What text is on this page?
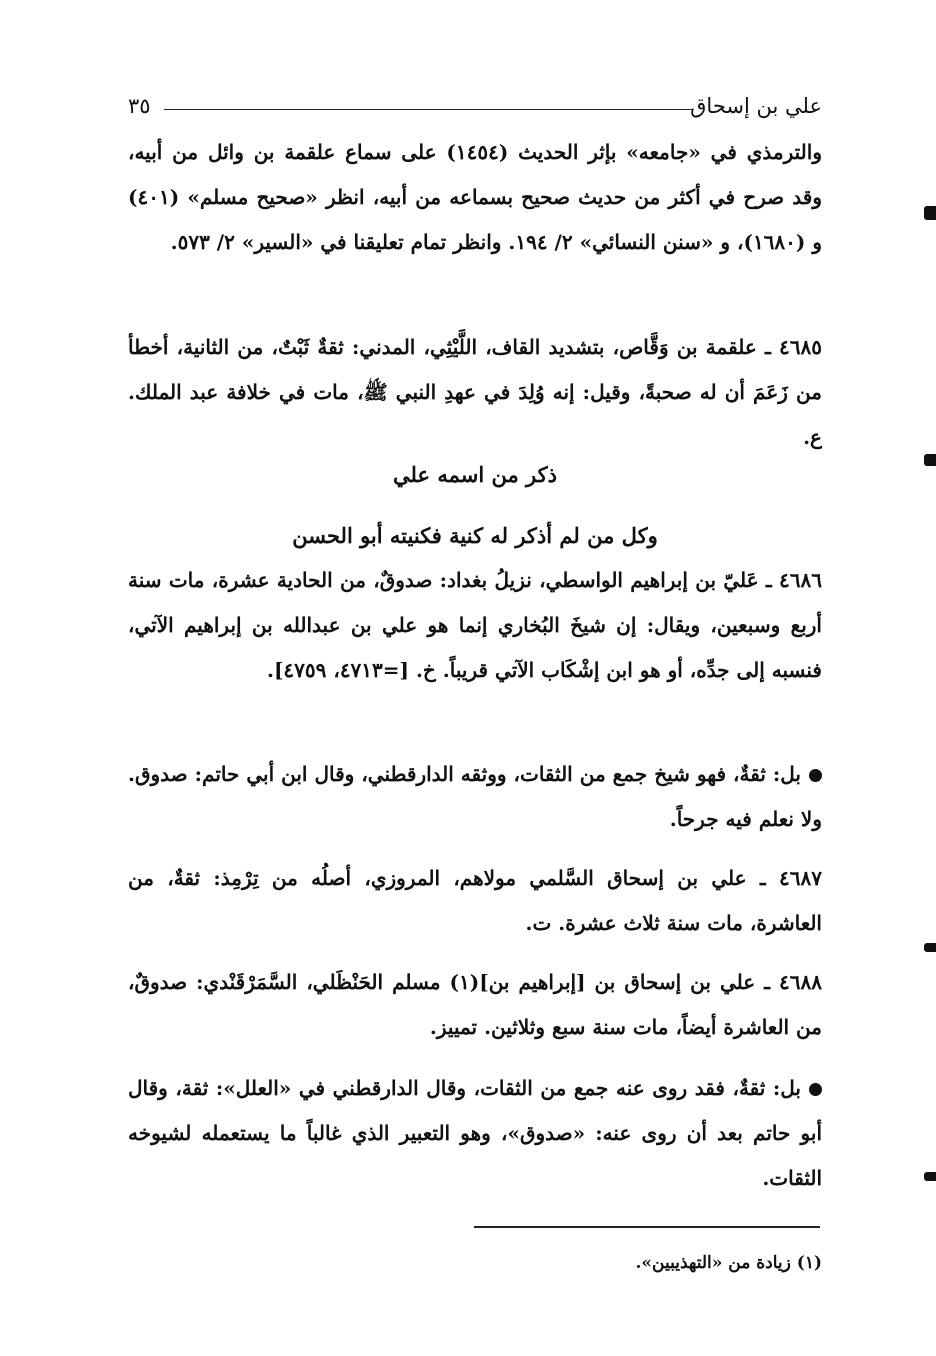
علي بن إسحاق
٣٥

والترمذي في «جامعه» بإثر الحديث (١٤٥٤) على سماع علقمة بن وائل من أبيه، وقد صرح في أكثر من حديث صحيح بسماعه من أبيه، انظر «صحيح مسلم» (٤٠١) و (١٦٨٠)، و «سنن النسائي» ٢/ ١٩٤. وانظر تمام تعليقنا في «السير» ٢/ ٥٧٣.

٤٦٨٥ ـ علقمة بن وَقَّاص، بتشديد القاف، اللَّيْثِي، المدني: ثقةٌ ثَبْتٌ، من الثانية، أخطأ من زَعَمَ أن له صحبةً، وقيل: إنه وُلِدَ في عهدِ النبي ﷺ، مات في خلافة عبد الملك. ع.

ذكر من اسمه علي
وكل من لم أذكر له كنية فكنيته أبو الحسن

٤٦٨٦ ـ عَليّ بن إبراهيم الواسطي، نزيلُ بغداد: صدوقٌ، من الحادية عشرة، مات سنة أربع وسبعين، ويقال: إن شيخَ البُخاري إنما هو علي بن عبدالله بن إبراهيم الآتي، فنسبه إلى جدِّه، أو هو ابن إشْكَاب الآتي قريباً. خ. [=٤٧١٣، ٤٧٥٩].

بل: ثقةٌ، فهو شيخ جمع من الثقات، ووثقه الدارقطني، وقال ابن أبي حاتم: صدوق. ولا نعلم فيه جرحاً.

٤٦٨٧ ـ علي بن إسحاق السَّلمي مولاهم، المروزي، أصلُه من تِرْمِذ: ثقةٌ، من العاشرة، مات سنة ثلاث عشرة. ت.

٤٦٨٨ ـ علي بن إسحاق بن [إبراهيم بن](١) مسلم الحَنْظَلي، السَّمَرْقَنْدي: صدوقٌ، من العاشرة أيضاً، مات سنة سبع وثلاثين. تمييز.

بل: ثقةٌ، فقد روى عنه جمع من الثقات، وقال الدارقطني في «العلل»: ثقة، وقال أبو حاتم بعد أن روى عنه: «صدوق»، وهو التعبير الذي غالباً ما يستعمله لشيوخه الثقات.

(١) زيادة من «التهذيبين».
